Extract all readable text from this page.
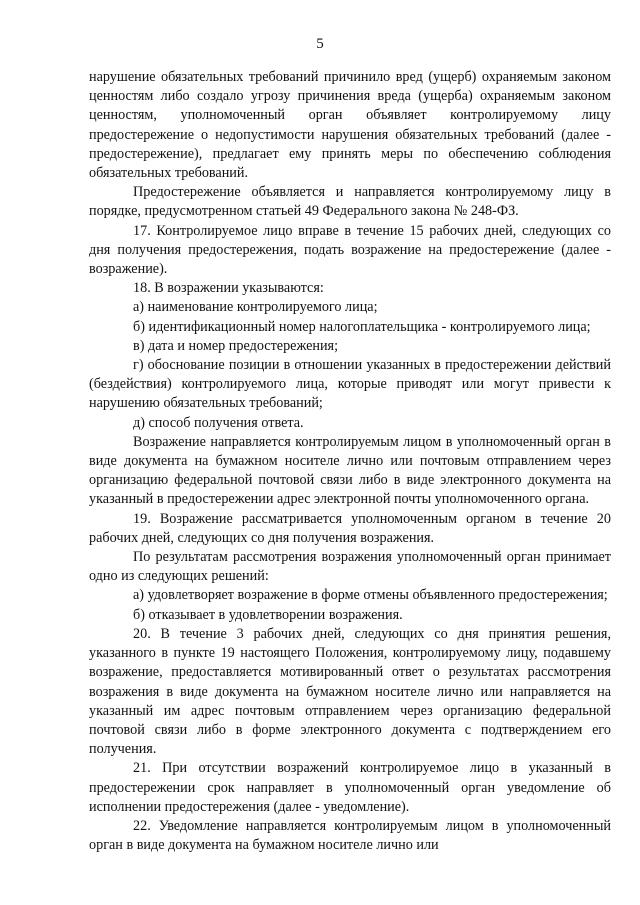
5

нарушение обязательных требований причинило вред (ущерб) охраняемым законом ценностям либо создало угрозу причинения вреда (ущерба) охраняемым законом ценностям, уполномоченный орган объявляет контролируемому лицу предостережение о недопустимости нарушения обязательных требований (далее - предостережение), предлагает ему принять меры по обеспечению соблюдения обязательных требований.

Предостережение объявляется и направляется контролируемому лицу в порядке, предусмотренном статьей 49 Федерального закона № 248-ФЗ.

17. Контролируемое лицо вправе в течение 15 рабочих дней, следующих со дня получения предостережения, подать возражение на предостережение (далее - возражение).

18. В возражении указываются:

а) наименование контролируемого лица;

б) идентификационный номер налогоплательщика - контролируемого лица;

в) дата и номер предостережения;

г) обоснование позиции в отношении указанных в предостережении действий (бездействия) контролируемого лица, которые приводят или могут привести к нарушению обязательных требований;

д) способ получения ответа.

Возражение направляется контролируемым лицом в уполномоченный орган в виде документа на бумажном носителе лично или почтовым отправлением через организацию федеральной почтовой связи либо в виде электронного документа на указанный в предостережении адрес электронной почты уполномоченного органа.

19. Возражение рассматривается уполномоченным органом в течение 20 рабочих дней, следующих со дня получения возражения.

По результатам рассмотрения возражения уполномоченный орган принимает одно из следующих решений:

а) удовлетворяет возражение в форме отмены объявленного предостережения;

б) отказывает в удовлетворении возражения.

20. В течение 3 рабочих дней, следующих со дня принятия решения, указанного в пункте 19 настоящего Положения, контролируемому лицу, подавшему возражение, предоставляется мотивированный ответ о результатах рассмотрения возражения в виде документа на бумажном носителе лично или направляется на указанный им адрес почтовым отправлением через организацию федеральной почтовой связи либо в форме электронного документа с подтверждением его получения.

21. При отсутствии возражений контролируемое лицо в указанный в предостережении срок направляет в уполномоченный орган уведомление об исполнении предостережения (далее - уведомление).

22. Уведомление направляется контролируемым лицом в уполномоченный орган в виде документа на бумажном носителе лично или
